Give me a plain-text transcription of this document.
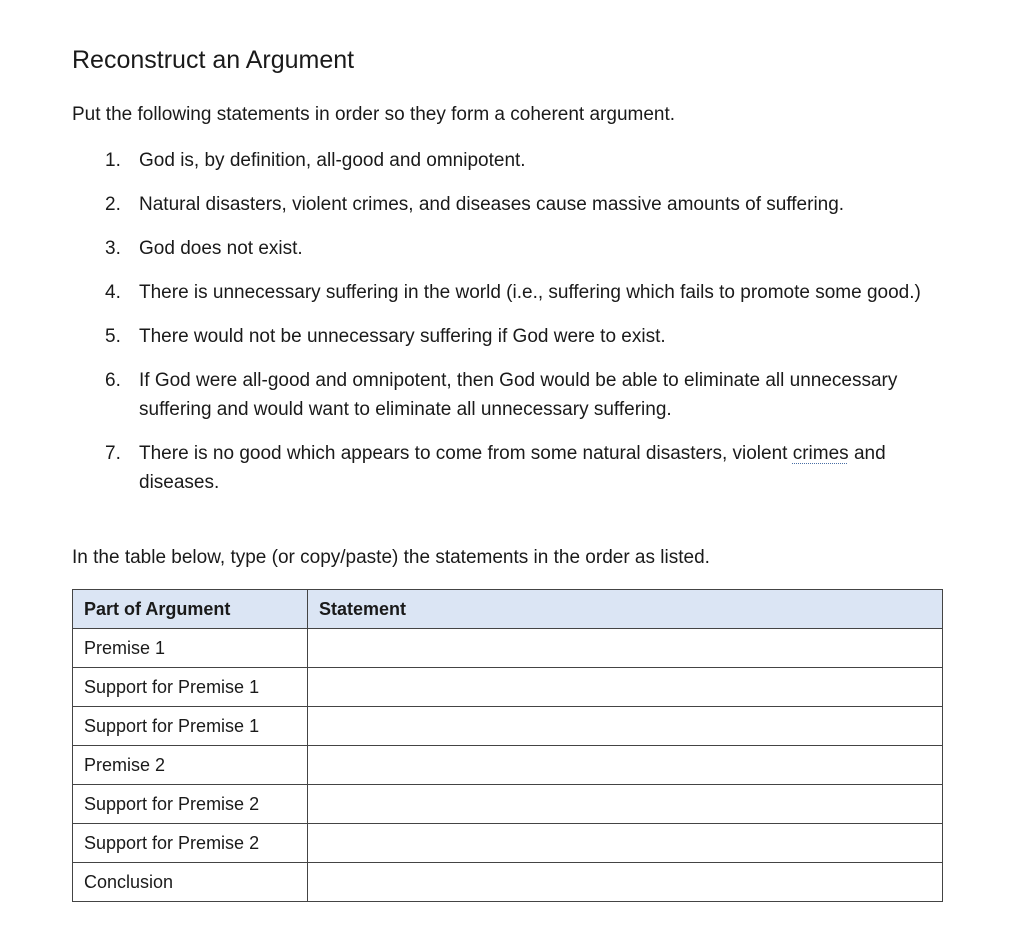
Reconstruct an Argument

Put the following statements in order so they form a coherent argument.

1. God is, by definition, all-good and omnipotent.
2. Natural disasters, violent crimes, and diseases cause massive amounts of suffering.
3. God does not exist.
4. There is unnecessary suffering in the world (i.e., suffering which fails to promote some good.)
5. There would not be unnecessary suffering if God were to exist.
6. If God were all-good and omnipotent, then God would be able to eliminate all unnecessary suffering and would want to eliminate all unnecessary suffering.
7. There is no good which appears to come from some natural disasters, violent crimes and diseases.

In the table below, type (or copy/paste) the statements in the order as listed.

Part of Argument	Statement
Premise 1	
Support for Premise 1	
Support for Premise 1	
Premise 2	
Support for Premise 2	
Support for Premise 2	
Conclusion	
